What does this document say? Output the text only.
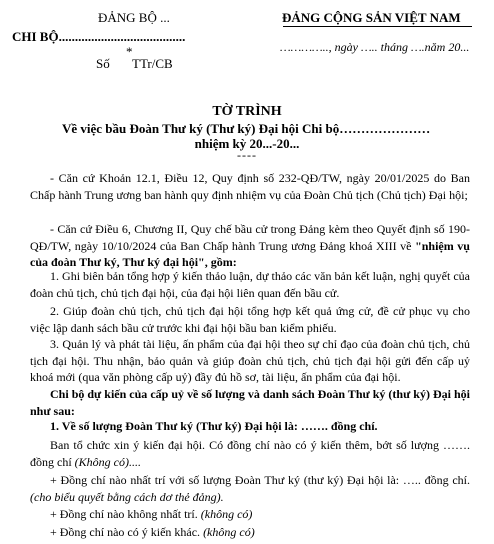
ĐẢNG BỘ ...
CHI BỘ.......................................
*
Số TTr/CB
ĐẢNG CỘNG SẢN VIỆT NAM
………….., ngày ….. tháng ….năm 20...
TỜ TRÌNH
Về việc bầu Đoàn Thư ký (Thư ký) Đại hội Chi bộ…………………
nhiệm kỳ 20...-20...
----
- Căn cứ Khoản 12.1, Điều 12, Quy định số 232-QĐ/TW, ngày 20/01/2025 do Ban Chấp hành Trung ương ban hành quy định nhiệm vụ của Đoàn Chủ tịch (Chủ tịch) Đại hội;
- Căn cứ Điều 6, Chương II, Quy chế bầu cử trong Đảng kèm theo Quyết định số 190-QĐ/TW, ngày 10/10/2024 của Ban Chấp hành Trung ương Đảng khoá XIII về "nhiệm vụ của đoàn Thư ký, Thư ký đại hội", gồm:
1. Ghi biên bản tổng hợp ý kiến thảo luận, dự thảo các văn bản kết luận, nghị quyết của đoàn chủ tịch, chủ tịch đại hội, của đại hội liên quan đến bầu cử.
2. Giúp đoàn chủ tịch, chủ tịch đại hội tổng hợp kết quả ứng cử, đề cử phục vụ cho việc lập danh sách bầu cử trước khi đại hội bầu ban kiểm phiếu.
3. Quản lý và phát tài liệu, ấn phẩm của đại hội theo sự chỉ đạo của đoàn chủ tịch, chủ tịch đại hội. Thu nhận, bảo quản và giúp đoàn chủ tịch, chủ tịch đại hội gửi đến cấp uỷ khoá mới (qua văn phòng cấp uỷ) đầy đủ hồ sơ, tài liệu, ấn phẩm của đại hội.
Chi bộ dự kiến của cấp uỷ về số lượng và danh sách Đoàn Thư ký (thư ký) Đại hội như sau:
1. Về số lượng Đoàn Thư ký (Thư ký) Đại hội là: ……. đồng chí.
Ban tổ chức xin ý kiến đại hội. Có đồng chí nào có ý kiến thêm, bớt số lượng ……. đồng chí (Không có)....
+ Đồng chí nào nhất trí với số lượng Đoàn Thư ký (thư ký) Đại hội là: ….. đồng chí. (cho biểu quyết bằng cách dơ thẻ đảng).
+ Đồng chí nào không nhất trí. (không có)
+ Đồng chí nào có ý kiến khác. (không có)
